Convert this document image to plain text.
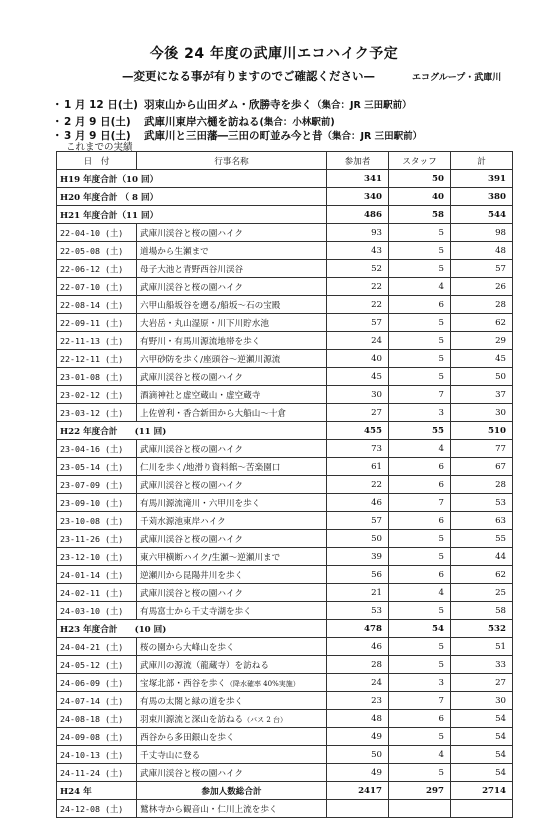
今後 24 年度の武庫川エコハイク予定
—変更になる事が有りますのでご確認ください—	エコグループ・武庫川
・ 1 月 12 日(土) 羽束山から山田ダム・欣勝寺を歩く（集合：JR 三田駅前）
・ 2 月 9 日(土) 武庫川東岸六樋を訪ねる(集合：小林駅前)
・ 3 月 9 日(土) 武庫川と三田藩―三田の町並み今と昔（集合：JR 三田駅前）
これまでの実績
日　付	行事名称	参加者	スタッフ	計
H19 年度合計（10 回）		341	50	391
H20 年度合計 （ 8 回）		340	40	380
H21 年度合計（11 回）		486	58	544
22-04-10 (土)	武庫川渓谷と桜の園ハイク	93	5	98
22-05-08 (土)	道場から生瀬まで	43	5	48
22-06-12 (土)	母子大池と青野西谷川渓谷	52	5	57
22-07-10 (土)	武庫川渓谷と桜の園ハイク	22	4	26
22-08-14 (土)	六甲山船坂谷を遡る/船坂～石の宝殿	22	6	28
22-09-11 (土)	大岩岳・丸山湿原・川下川貯水池	57	5	62
22-11-13 (土)	有野川・有馬川源流地帯を歩く	24	5	29
22-12-11 (土)	六甲砂防を歩く/座頭谷～逆瀬川源流	40	5	45
23-01-08 (土)	武庫川渓谷と桜の園ハイク	45	5	50
23-02-12 (土)	酒滴神社と虚空蔵山・虚空蔵寺	30	7	37
23-03-12 (土)	上佐曽利・香合新田から大船山～十倉	27	3	30
H22 年度合計　　(11 回)		455	55	510
23-04-16 (土)	武庫川渓谷と桜の園ハイク	73	4	77
23-05-14 (土)	仁川を歩く/地滑り資料館～苦楽園口	61	6	67
23-07-09 (土)	武庫川渓谷と桜の園ハイク	22	6	28
23-09-10 (土)	有馬川源流滝川・六甲川を歩く	46	7	53
23-10-08 (土)	千苅水源池東岸ハイク	57	6	63
23-11-26 (土)	武庫川渓谷と桜の園ハイク	50	5	55
23-12-10 (土)	東六甲横断ハイク/生瀬～逆瀬川まで	39	5	44
24-01-14 (土)	逆瀬川から昆陽井川を歩く	56	6	62
24-02-11 (土)	武庫川渓谷と桜の園ハイク	21	4	25
24-03-10 (土)	有馬富士から千丈寺湖を歩く	53	5	58
H23 年度合計　　(10 回)		478	54	532
24-04-21 (土)	桜の園から大峰山を歩く	46	5	51
24-05-12 (土)	武庫川の源流（龍蔵寺）を訪ねる	28	5	33
24-06-09 (土)	宝塚北部・西谷を歩く（降水確率 40%実施）	24	3	27
24-07-14 (土)	有馬の太閤と緑の道を歩く	23	7	30
24-08-18 (土)	羽束川源流と深山を訪ねる（バス 2 台）	48	6	54
24-09-08 (土)	西谷から多田銀山を歩く	49	5	54
24-10-13 (土)	千丈寺山に登る	50	4	54
24-11-24 (土)	武庫川渓谷と桜の園ハイク	49	5	54
H24 年	参加人数総合計	2417	297	2714
24-12-08 (土)	鷲林寺から観音山・仁川上流を歩く			
